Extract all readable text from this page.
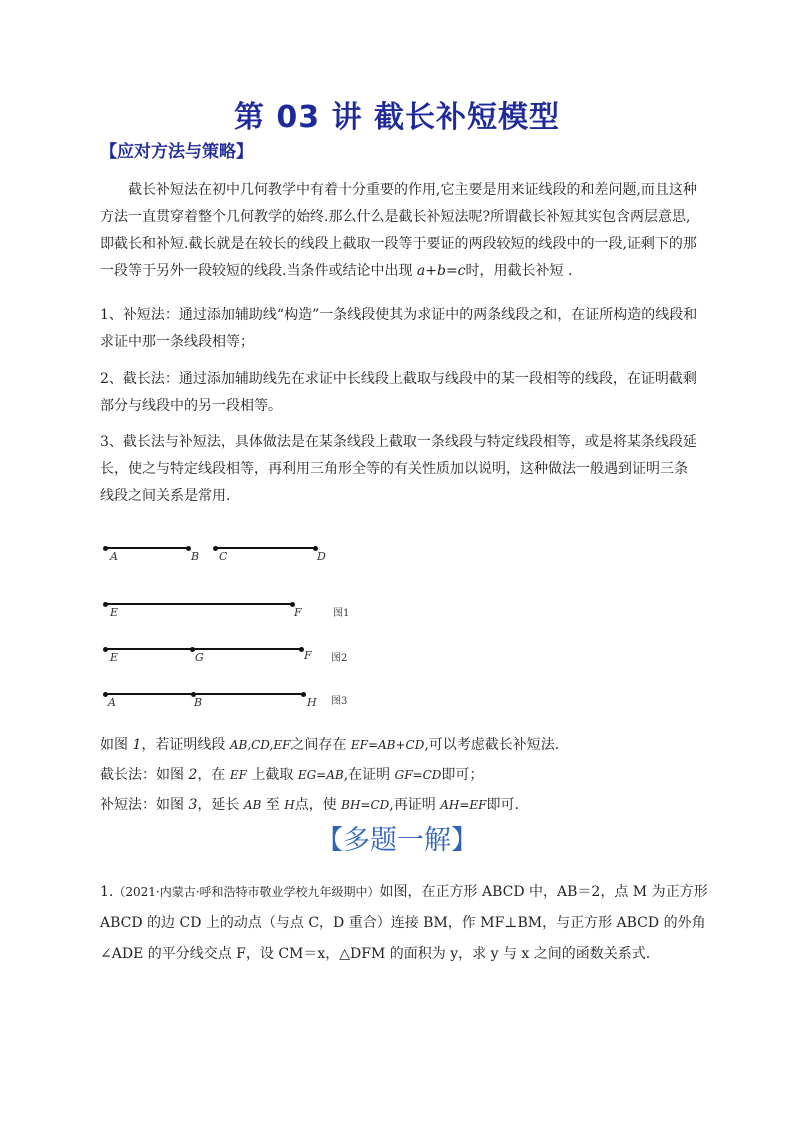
第 03 讲 截长补短模型
【应对方法与策略】

截长补短法在初中几何教学中有着十分重要的作用,它主要是用来证线段的和差问题,而且这种方法一直贯穿着整个几何教学的始终.那么什么是截长补短法呢?所谓截长补短其实包含两层意思,即截长和补短.截长就是在较长的线段上截取一段等于要证的两段较短的线段中的一段,证剩下的那一段等于另外一段较短的线段.当条件或结论中出现 a+b=c时，用截长补短 .

1、补短法：通过添加辅助线“构造”一条线段使其为求证中的两条线段之和，在证所构造的线段和求证中那一条线段相等；

2、截长法：通过添加辅助线先在求证中长线段上截取与线段中的某一段相等的线段，在证明截剩部分与线段中的另一段相等。

3、截长法与补短法，具体做法是在某条线段上截取一条线段与特定线段相等，或是将某条线段延长，使之与特定线段相等，再利用三角形全等的有关性质加以说明，这种做法一般遇到证明三条线段之间关系是常用.

A	B C	D
E	F	图1
E	G	F 图2
A	B	H 图3
如图 1，若证明线段 AB,CD,EF之间存在 EF=AB+CD,可以考虑截长补短法.
截长法：如图 2，在 EF 上截取 EG=AB,在证明 GF=CD即可；
补短法：如图 3，延长 AB 至 H点，使 BH=CD,再证明 AH=EF即可.
【多题一解】

1.（2021·内蒙古·呼和浩特市敬业学校九年级期中）如图，在正方形 ABCD 中，AB＝2，点 M 为正方形 ABCD 的边 CD 上的动点（与点 C，D 重合）连接 BM，作 MF⊥BM，与正方形 ABCD 的外角∠ADE 的平分线交点 F，设 CM＝x，△DFM 的面积为 y，求 y 与 x 之间的函数关系式.
